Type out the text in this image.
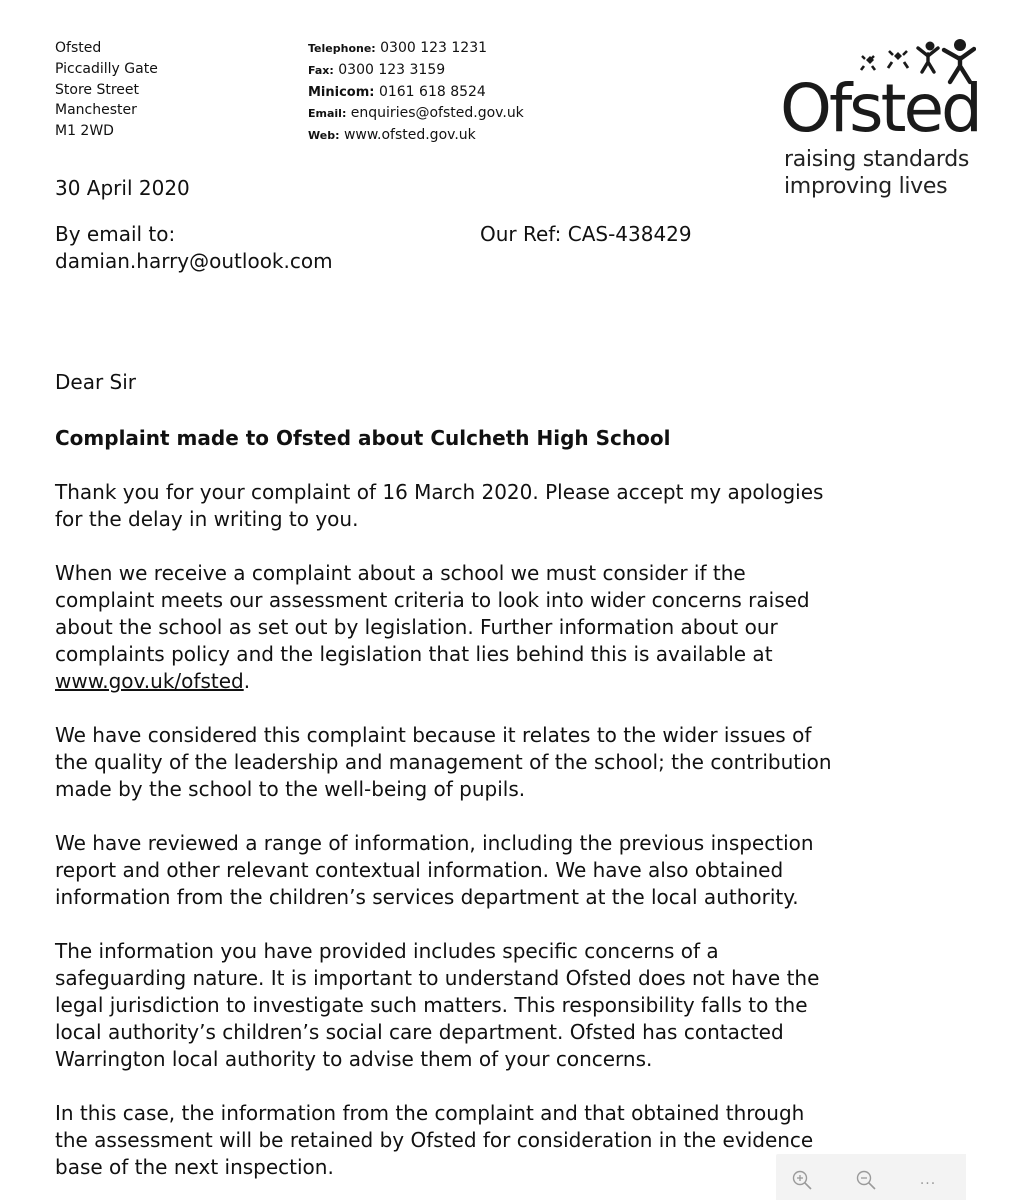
Ofsted
Piccadilly Gate
Store Street
Manchester
M1 2WD
Telephone: 0300 123 1231
Fax: 0300 123 3159
Minicom: 0161 618 8524
Email: enquiries@ofsted.gov.uk
Web: www.ofsted.gov.uk	Ofsted
raising standards
improving lives
30 April 2020
By email to:
damian.harry@outlook.com
Our Ref: CAS-438429
Dear Sir
Complaint made to Ofsted about Culcheth High School
Thank you for your complaint of 16 March 2020. Please accept my apologies
for the delay in writing to you.
When we receive a complaint about a school we must consider if the
complaint meets our assessment criteria to look into wider concerns raised
about the school as set out by legislation. Further information about our
complaints policy and the legislation that lies behind this is available at
www.gov.uk/ofsted.
We have considered this complaint because it relates to the wider issues of
the quality of the leadership and management of the school; the contribution
made by the school to the well-being of pupils.
We have reviewed a range of information, including the previous inspection
report and other relevant contextual information. We have also obtained
information from the children’s services department at the local authority.
The information you have provided includes specific concerns of a
safeguarding nature. It is important to understand Ofsted does not have the
legal jurisdiction to investigate such matters. This responsibility falls to the
local authority’s children’s social care department. Ofsted has contacted
Warrington local authority to advise them of your concerns.
In this case, the information from the complaint and that obtained through
the assessment will be retained by Ofsted for consideration in the evidence
base of the next inspection.
...
